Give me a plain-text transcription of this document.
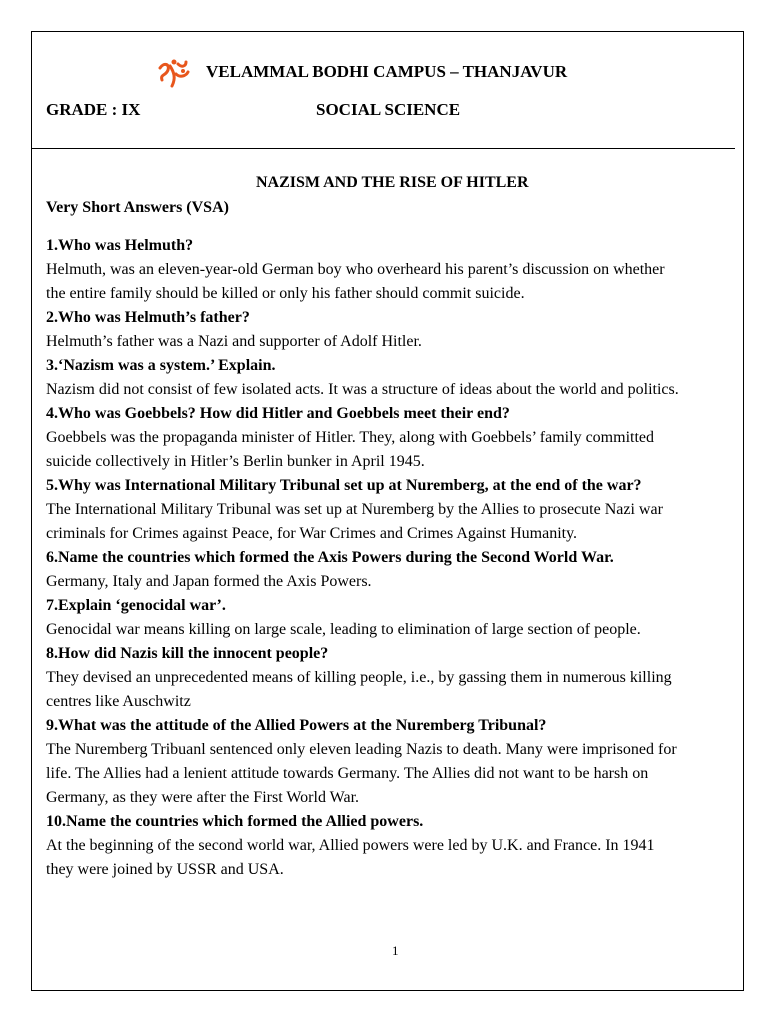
VELAMMAL BODHI CAMPUS – THANJAVUR
GRADE : IX	SOCIAL SCIENCE
NAZISM AND THE RISE OF HITLER
Very Short Answers (VSA)
1.Who was Helmuth?
Helmuth, was an eleven-year-old German boy who overheard his parent’s discussion on whether
the entire family should be killed or only his father should commit suicide.
2.Who was Helmuth’s father?
Helmuth’s father was a Nazi and supporter of Adolf Hitler.
3.‘Nazism was a system.’ Explain.
Nazism did not consist of few isolated acts. It was a structure of ideas about the world and politics.
4.Who was Goebbels? How did Hitler and Goebbels meet their end?
Goebbels was the propaganda minister of Hitler. They, along with Goebbels’ family committed
suicide collectively in Hitler’s Berlin bunker in April 1945.
5.Why was International Military Tribunal set up at Nuremberg, at the end of the war?
The International Military Tribunal was set up at Nuremberg by the Allies to prosecute Nazi war
criminals for Crimes against Peace, for War Crimes and Crimes Against Humanity.
6.Name the countries which formed the Axis Powers during the Second World War.
Germany, Italy and Japan formed the Axis Powers.
7.Explain ‘genocidal war’.
Genocidal war means killing on large scale, leading to elimination of large section of people.
8.How did Nazis kill the innocent people?
They devised an unprecedented means of killing people, i.e., by gassing them in numerous killing
centres like Auschwitz
9.What was the attitude of the Allied Powers at the Nuremberg Tribunal?
The Nuremberg Tribuanl sentenced only eleven leading Nazis to death. Many were imprisoned for
life. The Allies had a lenient attitude towards Germany. The Allies did not want to be harsh on
Germany, as they were after the First World War.
10.Name the countries which formed the Allied powers.
At the beginning of the second world war, Allied powers were led by U.K. and France. In 1941
they were joined by USSR and USA.
1
